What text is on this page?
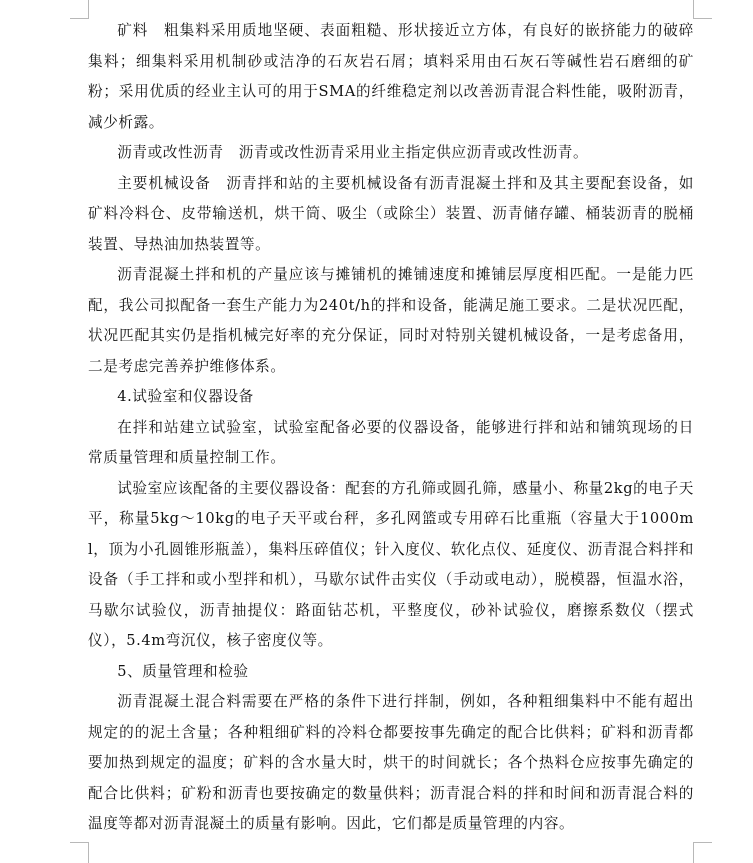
矿料　粗集料采用质地坚硬、表面粗糙、形状接近立方体，有良好的嵌挤能力的破碎集料；细集料采用机制砂或洁净的石灰岩石屑；填料采用由石灰石等碱性岩石磨细的矿粉；采用优质的经业主认可的用于SMA的纤维稳定剂以改善沥青混合料性能，吸附沥青，减少析露。

沥青或改性沥青　沥青或改性沥青采用业主指定供应沥青或改性沥青。

主要机械设备　沥青拌和站的主要机械设备有沥青混凝土拌和及其主要配套设备，如矿料冷料仓、皮带输送机，烘干筒、吸尘（或除尘）装置、沥青储存罐、桶装沥青的脱桶装置、导热油加热装置等。

沥青混凝土拌和机的产量应该与摊铺机的摊铺速度和摊铺层厚度相匹配。一是能力匹配，我公司拟配备一套生产能力为240t/h的拌和设备，能满足施工要求。二是状况匹配，状况匹配其实仍是指机械完好率的充分保证，同时对特别关键机械设备，一是考虑备用，二是考虑完善养护维修体系。

4.试验室和仪器设备

在拌和站建立试验室，试验室配备必要的仪器设备，能够进行拌和站和铺筑现场的日常质量管理和质量控制工作。

试验室应该配备的主要仪器设备：配套的方孔筛或圆孔筛，感量小、称量2kg的电子天平，称量5kg～10kg的电子天平或台秤，多孔网篮或专用碎石比重瓶（容量大于1000ml，顶为小孔圆锥形瓶盖），集料压碎值仪；针入度仪、软化点仪、延度仪、沥青混合料拌和设备（手工拌和或小型拌和机），马歇尔试件击实仪（手动或电动），脱模器，恒温水浴，马歇尔试验仪，沥青抽提仪：路面钻芯机，平整度仪，砂补试验仪，磨擦系数仪（摆式仪），5.4m弯沉仪，核子密度仪等。

5、质量管理和检验

沥青混凝土混合料需要在严格的条件下进行拌制，例如，各种粗细集料中不能有超出规定的的泥土含量；各种粗细矿料的冷料仓都要按事先确定的配合比供料；矿料和沥青都要加热到规定的温度；矿料的含水量大时，烘干的时间就长；各个热料仓应按事先确定的配合比供料；矿粉和沥青也要按确定的数量供料；沥青混合料的拌和时间和沥青混合料的温度等都对沥青混凝土的质量有影响。因此，它们都是质量管理的内容。
